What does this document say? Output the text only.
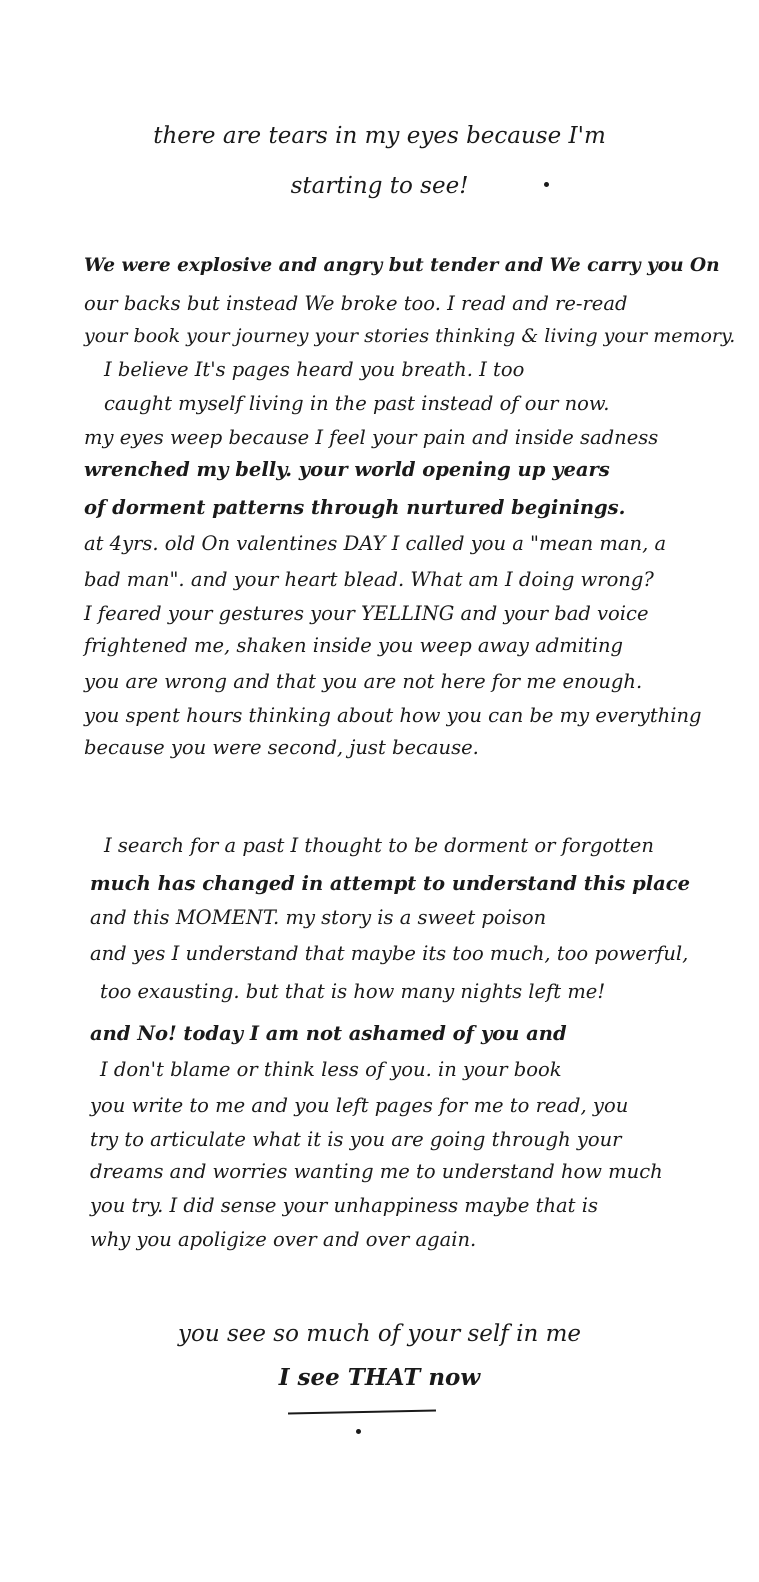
there are tears in my eyes because I'm
starting to see!
We were explosive and angry but tender and We carry you On
our backs but instead We broke too. I read and re-read
your book your journey your stories thinking & living your memory.
I believe It's pages heard you breath. I too
caught myself living in the past instead of our now.
my eyes weep because I feel your pain and inside sadness
wrenched my belly. your world opening up years
of dorment patterns through nurtured beginings.
at 4yrs. old On valentines DAY I called you a "mean man, a
bad man". and your heart blead. What am I doing wrong?
I feared your gestures your YELLING and your bad voice
frightened me, shaken inside you weep away admiting
you are wrong and that you are not here for me enough.
you spent hours thinking about how you can be my everything
because you were second, just because.
I search for a past I thought to be dorment or forgotten
much has changed in attempt to understand this place
and this MOMENT. my story is a sweet poison
and yes I understand that maybe its too much, too powerful,
too exausting. but that is how many nights left me!
and No! today I am not ashamed of you and
I don't blame or think less of you. in your book
you write to me and you left pages for me to read, you
try to articulate what it is you are going through your
dreams and worries wanting me to understand how much
you try. I did sense your unhappiness maybe that is
why you apoligize over and over again.
you see so much of your self in me
I see THAT now
